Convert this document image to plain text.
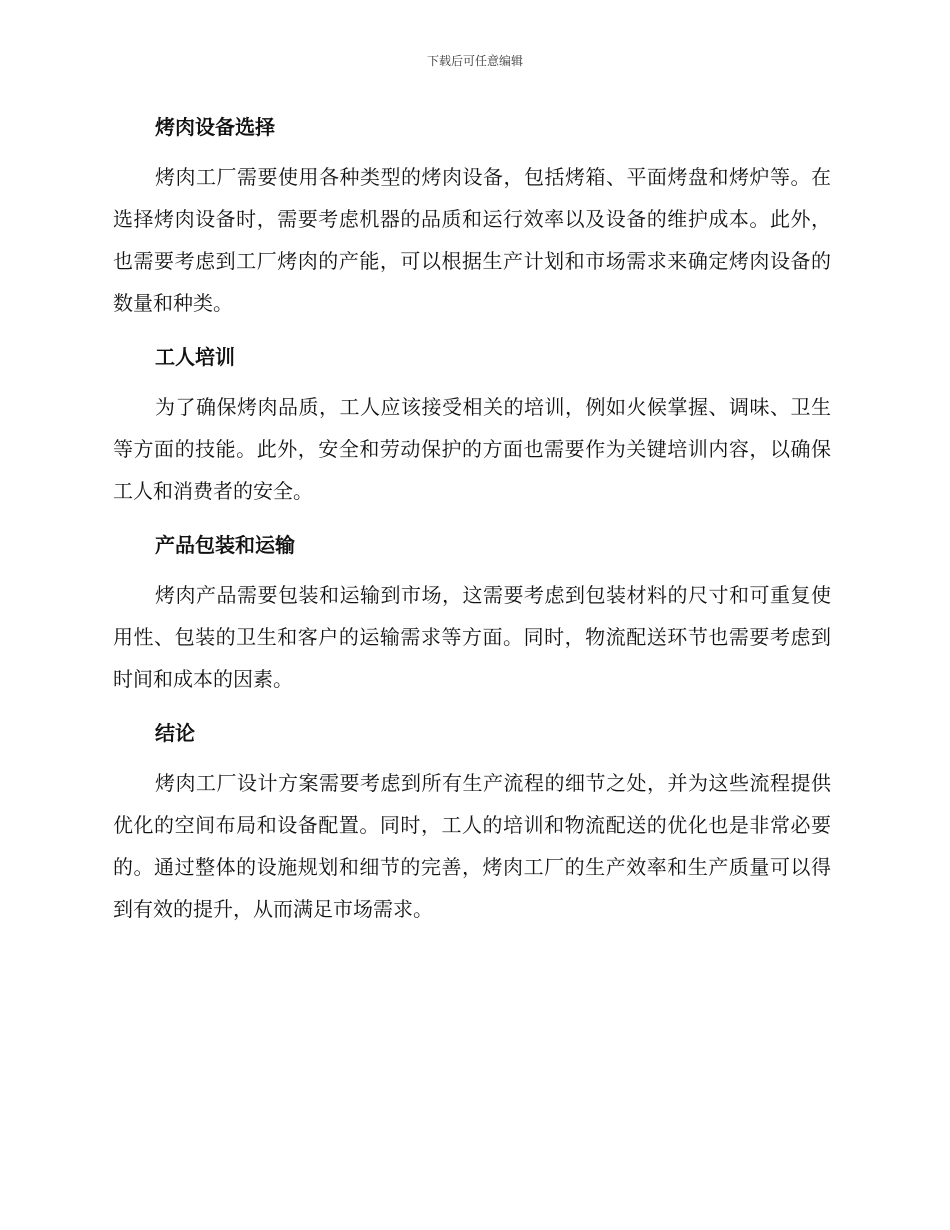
下载后可任意编辑
烤肉设备选择

烤肉工厂需要使用各种类型的烤肉设备，包括烤箱、平面烤盘和烤炉等。在选择烤肉设备时，需要考虑机器的品质和运行效率以及设备的维护成本。此外，也需要考虑到工厂烤肉的产能，可以根据生产计划和市场需求来确定烤肉设备的数量和种类。

工人培训

为了确保烤肉品质，工人应该接受相关的培训，例如火候掌握、调味、卫生等方面的技能。此外，安全和劳动保护的方面也需要作为关键培训内容，以确保工人和消费者的安全。

产品包装和运输

烤肉产品需要包装和运输到市场，这需要考虑到包装材料的尺寸和可重复使用性、包装的卫生和客户的运输需求等方面。同时，物流配送环节也需要考虑到时间和成本的因素。

结论

烤肉工厂设计方案需要考虑到所有生产流程的细节之处，并为这些流程提供优化的空间布局和设备配置。同时，工人的培训和物流配送的优化也是非常必要的。通过整体的设施规划和细节的完善，烤肉工厂的生产效率和生产质量可以得到有效的提升，从而满足市场需求。
